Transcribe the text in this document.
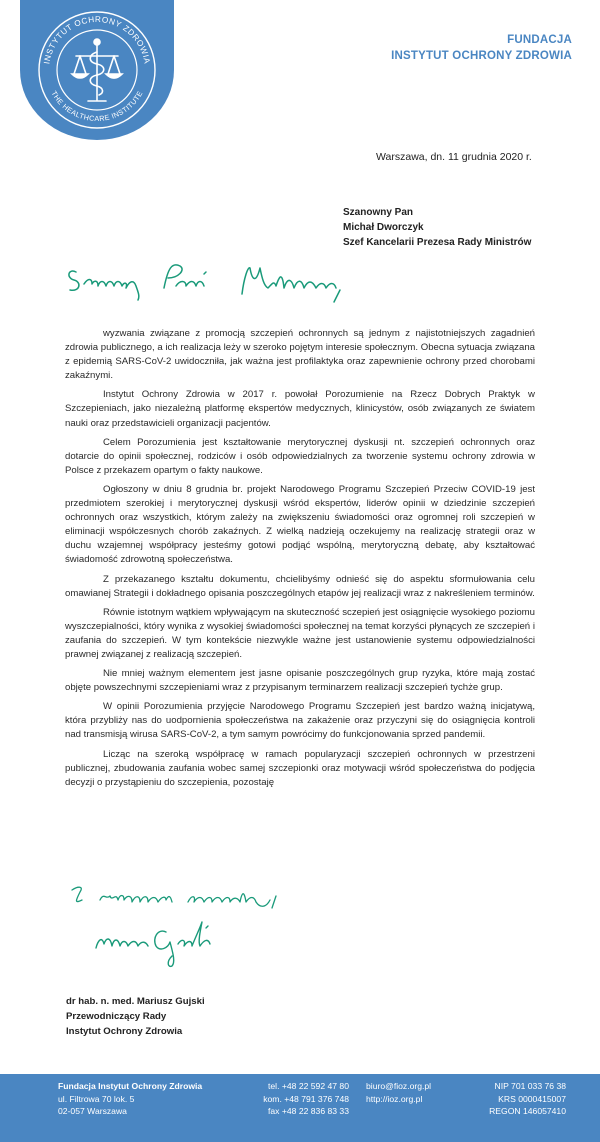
INSTYTUT OCHRONY ZDROWIA
THE HEALTHCARE INSTITUTE
FUNDACJA
INSTYTUT OCHRONY ZDROWIA
Warszawa, dn. 11 grudnia 2020 r.
Szanowny Pan
Michał Dworczyk
Szef Kancelarii Prezesa Rady Ministrów

wyzwania związane z promocją szczepień ochronnych są jednym z najistotniejszych zagadnień zdrowia publicznego, a ich realizacja leży w szeroko pojętym interesie społecznym. Obecna sytuacja związana z epidemią SARS-CoV-2 uwidoczniła, jak ważna jest profilaktyka oraz zapewnienie ochrony przed chorobami zakaźnymi.

Instytut Ochrony Zdrowia w 2017 r. powołał Porozumienie na Rzecz Dobrych Praktyk w Szczepieniach, jako niezależną platformę ekspertów medycznych, klinicystów, osób związanych ze światem nauki oraz przedstawicieli organizacji pacjentów.

Celem Porozumienia jest kształtowanie merytorycznej dyskusji nt. szczepień ochronnych oraz dotarcie do opinii społecznej, rodziców i osób odpowiedzialnych za tworzenie systemu ochrony zdrowia w Polsce z przekazem opartym o fakty naukowe.

Ogłoszony w dniu 8 grudnia br. projekt Narodowego Programu Szczepień Przeciw COVID-19 jest przedmiotem szerokiej i merytorycznej dyskusji wśród ekspertów, liderów opinii w dziedzinie szczepień ochronnych oraz wszystkich, którym zależy na zwiększeniu świadomości oraz ogromnej roli szczepień w eliminacji współczesnych chorób zakaźnych. Z wielką nadzieją oczekujemy na realizację strategii oraz w duchu wzajemnej współpracy jesteśmy gotowi podjąć wspólną, merytoryczną debatę, aby kształtować świadomość zdrowotną społeczeństwa.

Z przekazanego kształtu dokumentu, chcielibyśmy odnieść się do aspektu sformułowania celu omawianej Strategii i dokładnego opisania poszczególnych etapów jej realizacji wraz z nakreśleniem terminów.

Równie istotnym wątkiem wpływającym na skuteczność sczepień jest osiągnięcie wysokiego poziomu wyszczepialności, który wynika z wysokiej świadomości społecznej na temat korzyści płynących ze szczepień i zaufania do szczepień. W tym kontekście niezwykle ważne jest ustanowienie systemu odpowiedzialności prawnej związanej z realizacją szczepień.

Nie mniej ważnym elementem jest jasne opisanie poszczególnych grup ryzyka, które mają zostać objęte powszechnymi szczepieniami wraz z przypisanym terminarzem realizacji szczepień tychże grup.

W opinii Porozumienia przyjęcie Narodowego Programu Szczepień jest bardzo ważną inicjatywą, która przybliży nas do uodpornienia społeczeństwa na zakażenie oraz przyczyni się do osiągnięcia kontroli nad transmisją wirusa SARS-CoV-2, a tym samym powrócimy do funkcjonowania sprzed pandemii.

Licząc na szeroką współpracę w ramach popularyzacji szczepień ochronnych w przestrzeni publicznej, zbudowania zaufania wobec samej szczepionki oraz motywacji wśród społeczeństwa do podjęcia decyzji o przystąpieniu do szczepienia, pozostaję

dr hab. n. med. Mariusz Gujski
Przewodniczący Rady
Instytut Ochrony Zdrowia
Fundacja Instytut Ochrony Zdrowia
ul. Filtrowa 70 lok. 5
02-057 Warszawa
tel. +48 22 592 47 80
kom. +48 791 376 748
fax +48 22 836 83 33
biuro@fioz.org.pl
http://ioz.org.pl
NIP 701 033 76 38
KRS 0000415007
REGON 146057410
